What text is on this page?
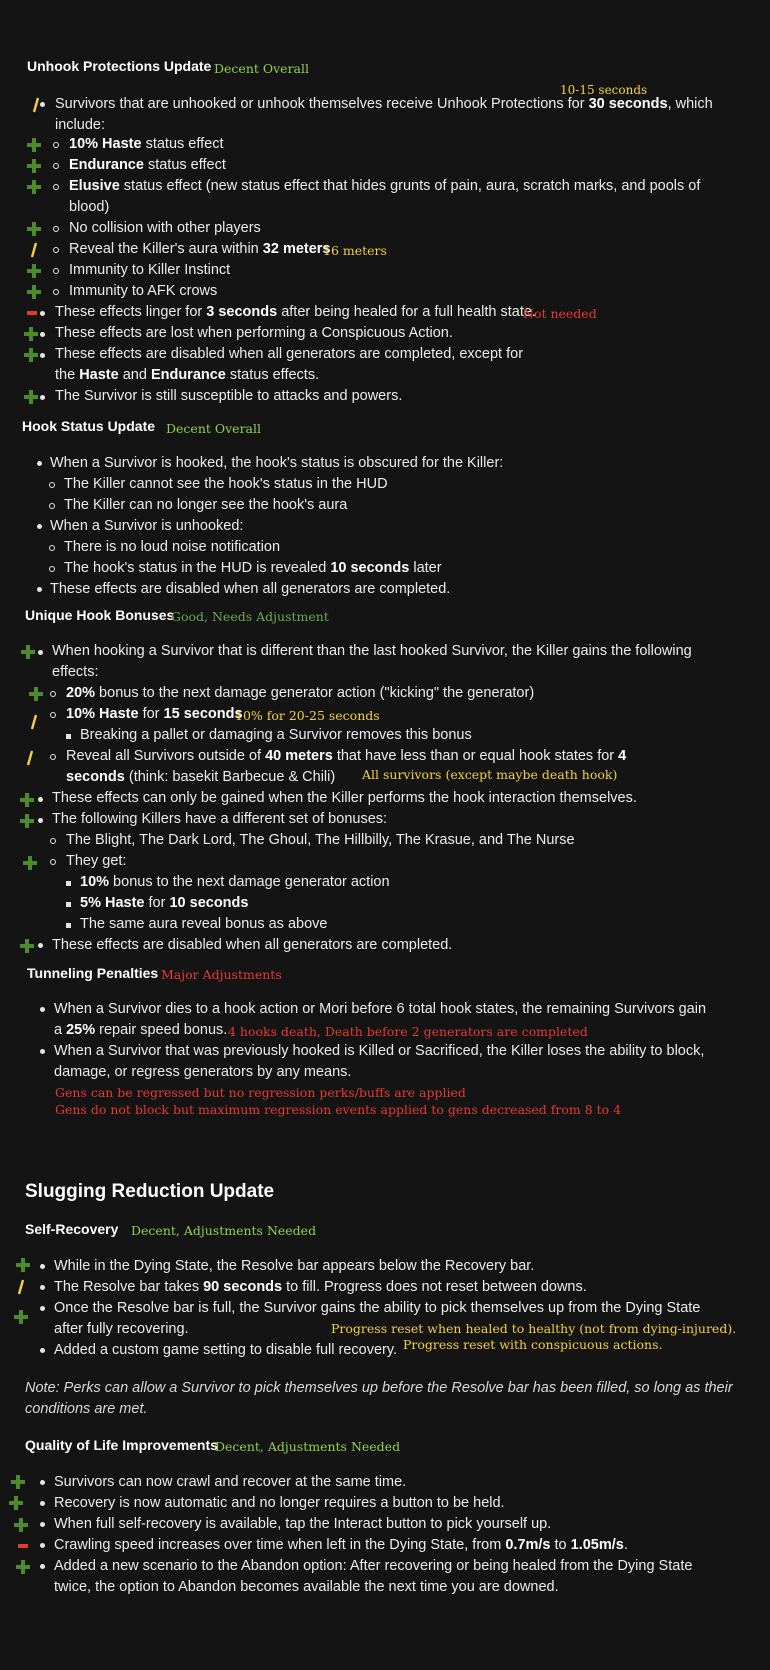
Unhook Protections Update Decent Overall
10-15 seconds
Survivors that are unhooked or unhook themselves receive Unhook Protections for 30 seconds, which
include:
10% Haste status effect
Endurance status effect
Elusive status effect (new status effect that hides grunts of pain, aura, scratch marks, and pools of
blood)
No collision with other players
Reveal the Killer's aura within 32 meters
16 meters
Immunity to Killer Instinct
Immunity to AFK crows
These effects linger for 3 seconds after being healed for a full health state.
Not needed
These effects are lost when performing a Conspicuous Action.
These effects are disabled when all generators are completed, except for
the Haste and Endurance status effects.
The Survivor is still susceptible to attacks and powers.
Hook Status Update Decent Overall
When a Survivor is hooked, the hook's status is obscured for the Killer:
The Killer cannot see the hook's status in the HUD
The Killer can no longer see the hook's aura
When a Survivor is unhooked:
There is no loud noise notification
The hook's status in the HUD is revealed 10 seconds later
These effects are disabled when all generators are completed.
Unique Hook Bonuses
Good, Needs Adjustment
When hooking a Survivor that is different than the last hooked Survivor, the Killer gains the following
effects:
20% bonus to the next damage generator action ("kicking" the generator)
10% Haste for 15 seconds
10% for 20-25 seconds
Breaking a pallet or damaging a Survivor removes this bonus
Reveal all Survivors outside of 40 meters that have less than or equal hook states for 4
seconds (think: basekit Barbecue & Chili) All survivors (except maybe death hook)
These effects can only be gained when the Killer performs the hook interaction themselves.
The following Killers have a different set of bonuses:
The Blight, The Dark Lord, The Ghoul, The Hillbilly, The Krasue, and The Nurse
They get:
10% bonus to the next damage generator action
5% Haste for 10 seconds
The same aura reveal bonus as above
These effects are disabled when all generators are completed.
Tunneling Penalties Major Adjustments
When a Survivor dies to a hook action or Mori before 6 total hook states, the remaining Survivors gain
a 25% repair speed bonus. 4 hooks death, Death before 2 generators are completed
When a Survivor that was previously hooked is Killed or Sacrificed, the Killer loses the ability to block,
damage, or regress generators by any means.
Gens can be regressed but no regression perks/buffs are applied
Gens do not block but maximum regression events applied to gens decreased from 8 to 4
Slugging Reduction Update
Self-Recovery Decent, Adjustments Needed
While in the Dying State, the Resolve bar appears below the Recovery bar.
The Resolve bar takes 90 seconds to fill. Progress does not reset between downs.
Once the Resolve bar is full, the Survivor gains the ability to pick themselves up from the Dying State
after fully recovering.	Progress reset when healed to healthy (not from dying-injured).
Added a custom game setting to disable full recovery. Progress reset with conspicuous actions.
Note: Perks can allow a Survivor to pick themselves up before the Resolve bar has been filled, so long as their
conditions are met.
Quality of Life Improvements
Decent, Adjustments Needed
Survivors can now crawl and recover at the same time.
Recovery is now automatic and no longer requires a button to be held.
When full self-recovery is available, tap the Interact button to pick yourself up.
Crawling speed increases over time when left in the Dying State, from 0.7m/s to 1.05m/s.
Added a new scenario to the Abandon option: After recovering or being healed from the Dying State
twice, the option to Abandon becomes available the next time you are downed.
